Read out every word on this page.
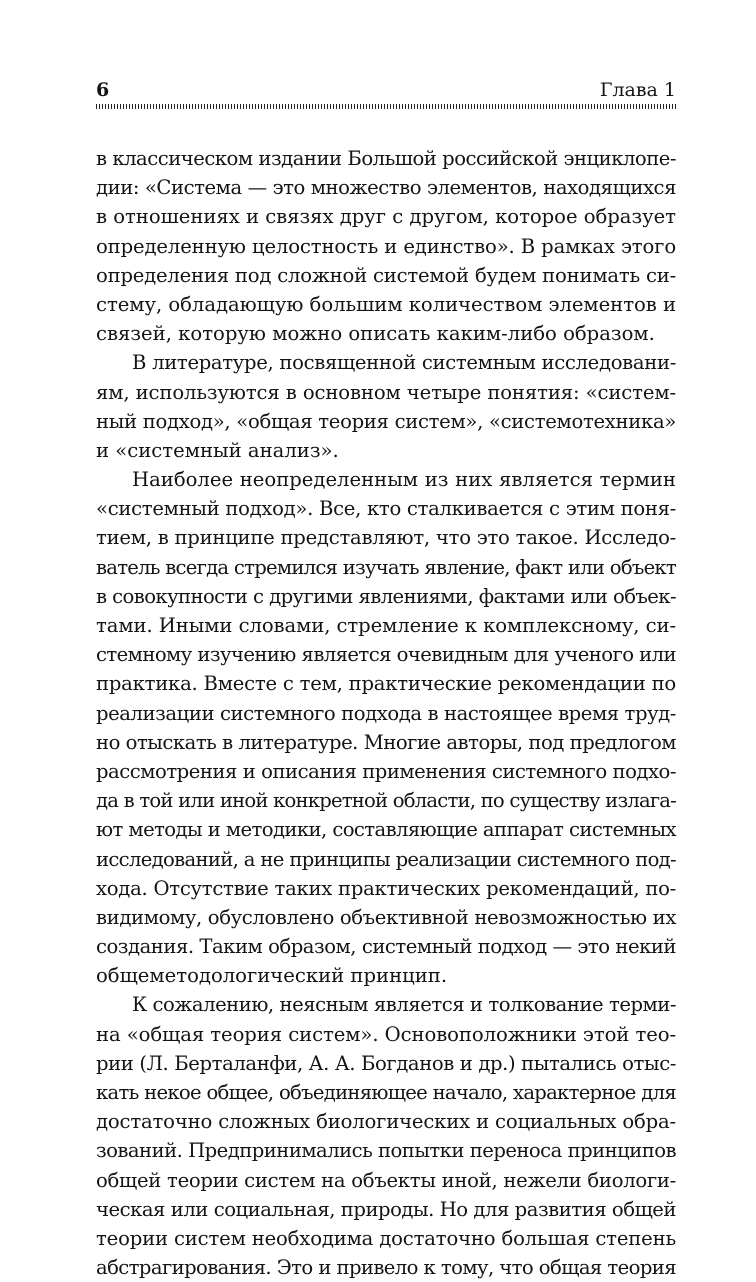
6	Глава 1
в классическом издании Большой российской энциклопе-
дии: «Система — это множество элементов, находящихся
в отношениях и связях друг с другом, которое образует
определенную целостность и единство». В рамках этого
определения под сложной системой будем понимать си-
стему, обладающую большим количеством элементов и
связей, которую можно описать каким-либо образом.
В литературе, посвященной системным исследовани-
ям, используются в основном четыре понятия: «систем-
ный подход», «общая теория систем», «системотехника»
и «системный анализ».
Наиболее неопределенным из них является термин
«системный подход». Все, кто сталкивается с этим поня-
тием, в принципе представляют, что это такое. Исследо-
ватель всегда стремился изучать явление, факт или объект
в совокупности с другими явлениями, фактами или объек-
тами. Иными словами, стремление к комплексному, си-
стемному изучению является очевидным для ученого или
практика. Вместе с тем, практические рекомендации по
реализации системного подхода в настоящее время труд-
но отыскать в литературе. Многие авторы, под предлогом
рассмотрения и описания применения системного подхо-
да в той или иной конкретной области, по существу излага-
ют методы и методики, составляющие аппарат системных
исследований, а не принципы реализации системного под-
хода. Отсутствие таких практических рекомендаций, по-
видимому, обусловлено объективной невозможностью их
создания. Таким образом, системный подход — это некий
общеметодологический принцип.
К сожалению, неясным является и толкование терми-
на «общая теория систем». Основоположники этой тео-
рии (Л. Берталанфи, А. А. Богданов и др.) пытались отыс-
кать некое общее, объединяющее начало, характерное для
достаточно сложных биологических и социальных обра-
зований. Предпринимались попытки переноса принципов
общей теории систем на объекты иной, нежели биологи-
ческая или социальная, природы. Но для развития общей
теории систем необходима достаточно большая степень
абстрагирования. Это и привело к тому, что общая теория
